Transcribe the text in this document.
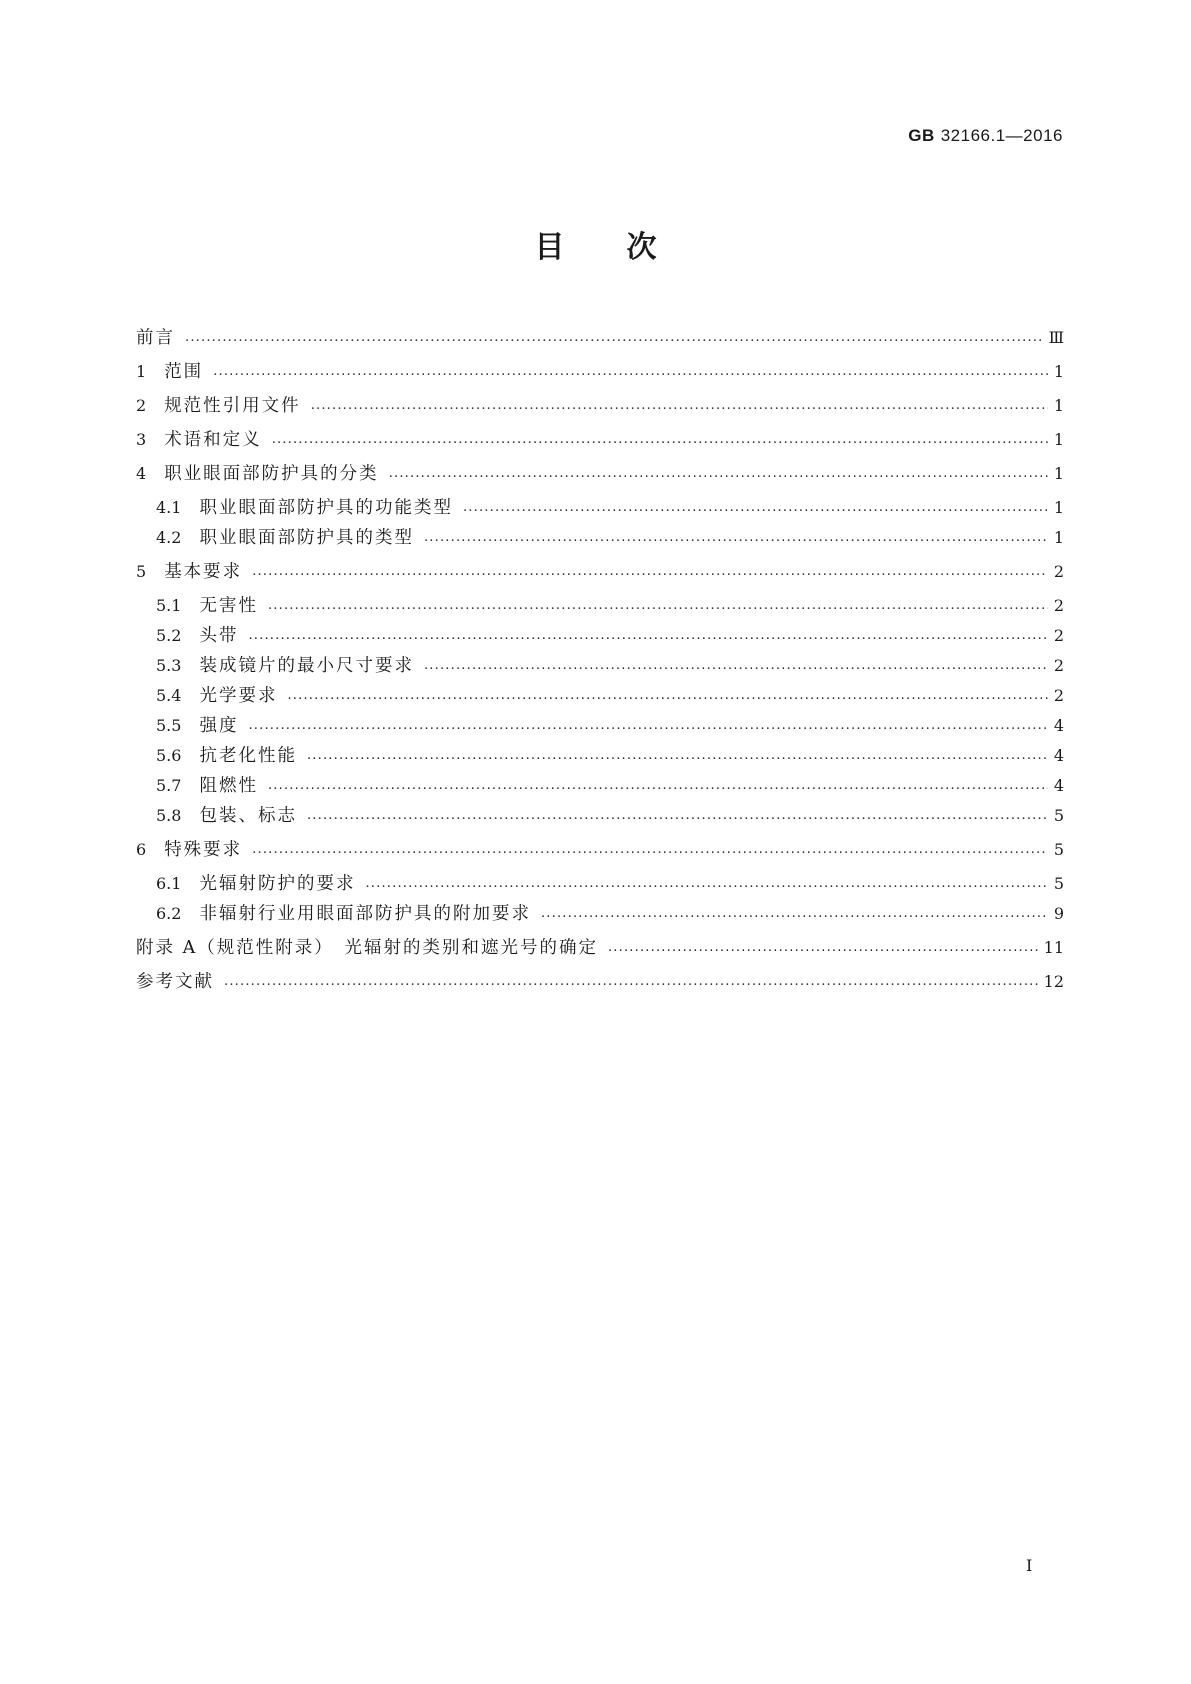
GB 32166.1—2016
目 次
前言 .....	Ⅲ
1 范围 .....	1
2 规范性引用文件 .....	1
3 术语和定义 .....	1
4 职业眼面部防护具的分类 .....	1
4.1 职业眼面部防护具的功能类型 .....	1
4.2 职业眼面部防护具的类型 .....	1
5 基本要求 .....	2
5.1 无害性 .....	2
5.2 头带 .....	2
5.3 装成镜片的最小尺寸要求 .....	2
5.4 光学要求 .....	2
5.5 强度 .....	4
5.6 抗老化性能 .....	4
5.7 阻燃性 .....	4
5.8 包装、标志 .....	5
6 特殊要求 .....	5
6.1 光辐射防护的要求 .....	5
6.2 非辐射行业用眼面部防护具的附加要求 .....	9
附录 A（规范性附录）　光辐射的类别和遮光号的确定 .....	11
参考文献 .....	12
I
